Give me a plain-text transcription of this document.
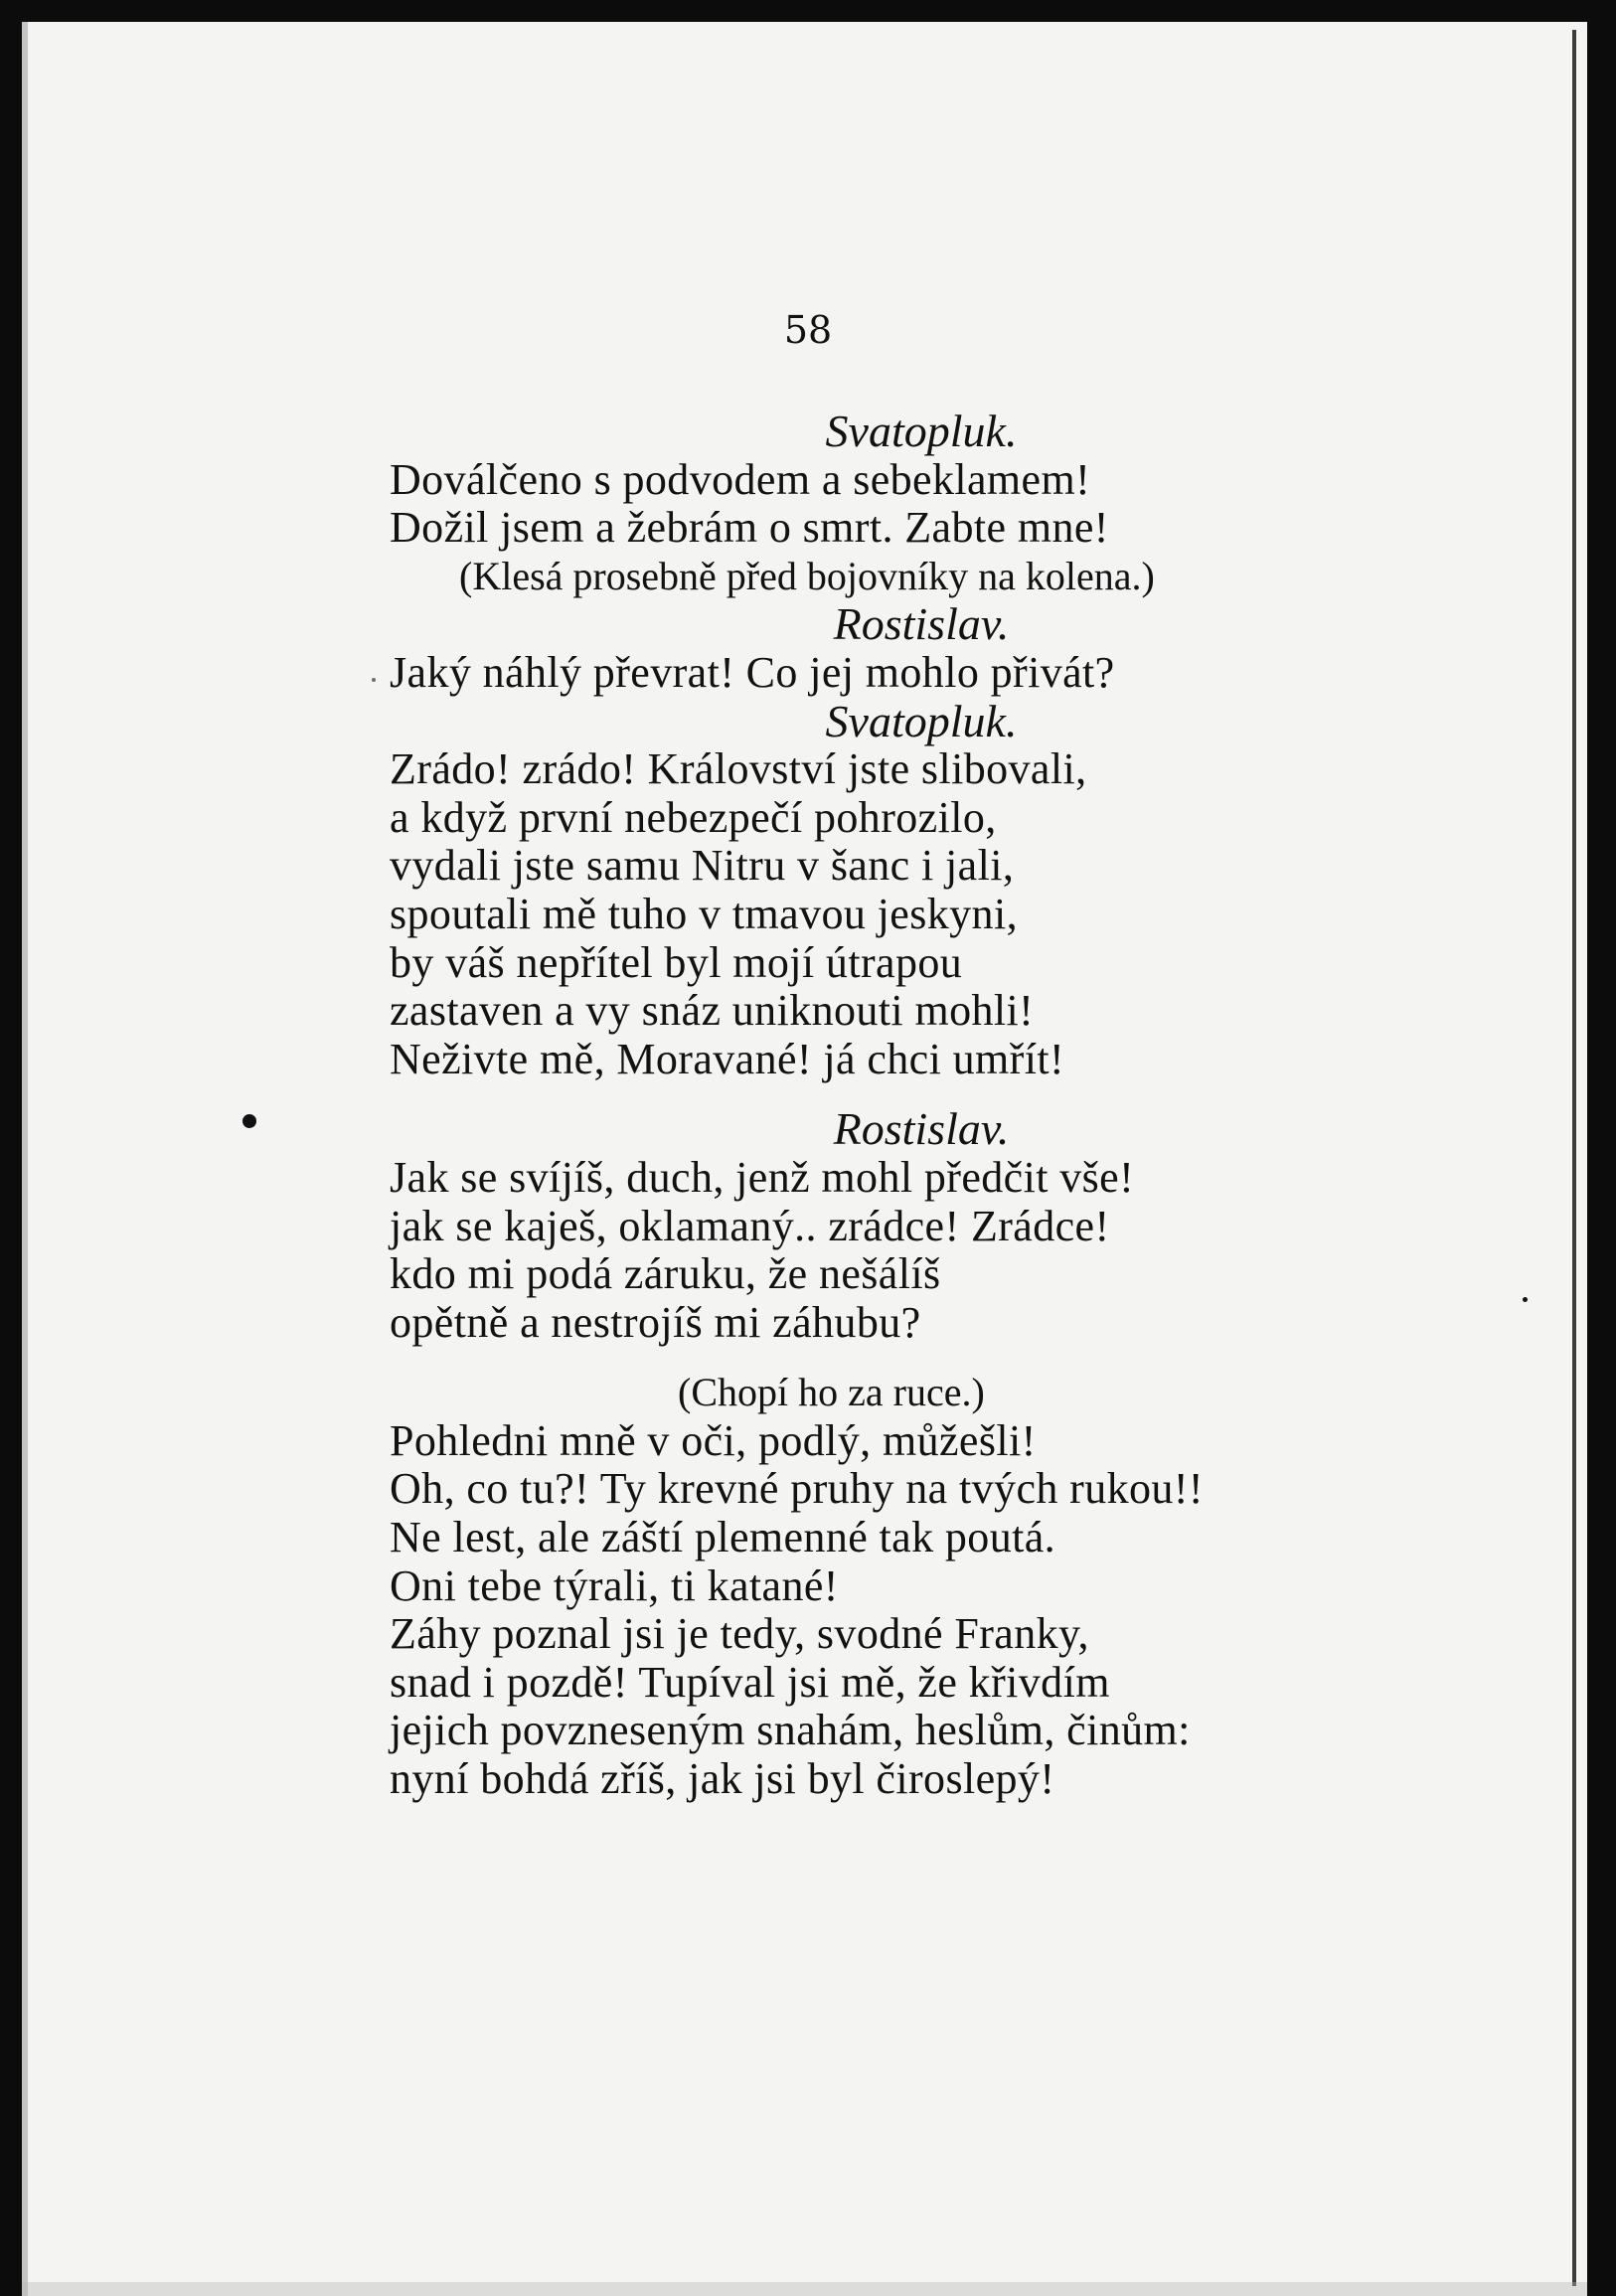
58

Svatopluk.

Doválčeno s podvodem a sebeklamem!

Dožil jsem a žebrám o smrt. Zabte mne!

(Klesá prosebně před bojovníky na kolena.)

Rostislav.

Jaký náhlý převrat! Co jej mohlo přivát?

Svatopluk.

Zrádo! zrádo! Království jste slibovali,

a když první nebezpečí pohrozilo,

vydali jste samu Nitru v šanc i jali,

spoutali mě tuho v tmavou jeskyni,

by váš nepřítel byl mojí útrapou

zastaven a vy snáz uniknouti mohli!

Neživte mě, Moravané! já chci umřít!

Rostislav.

Jak se svíjíš, duch, jenž mohl předčit vše!

jak se kaješ, oklamaný.. zrádce! Zrádce!

kdo mi podá záruku, že nešálíš

opětně a nestrojíš mi záhubu?

(Chopí ho za ruce.)

Pohledni mně v oči, podlý, můžešli!

Oh, co tu?! Ty krevné pruhy na tvých rukou!!

Ne lest, ale záští plemenné tak poutá.

Oni tebe týrali, ti katané!

Záhy poznal jsi je tedy, svodné Franky,

snad i pozdě! Tupíval jsi mě, že křivdím

jejich povzneseným snahám, heslům, činům:

nyní bohdá zříš, jak jsi byl čiroslepý!
